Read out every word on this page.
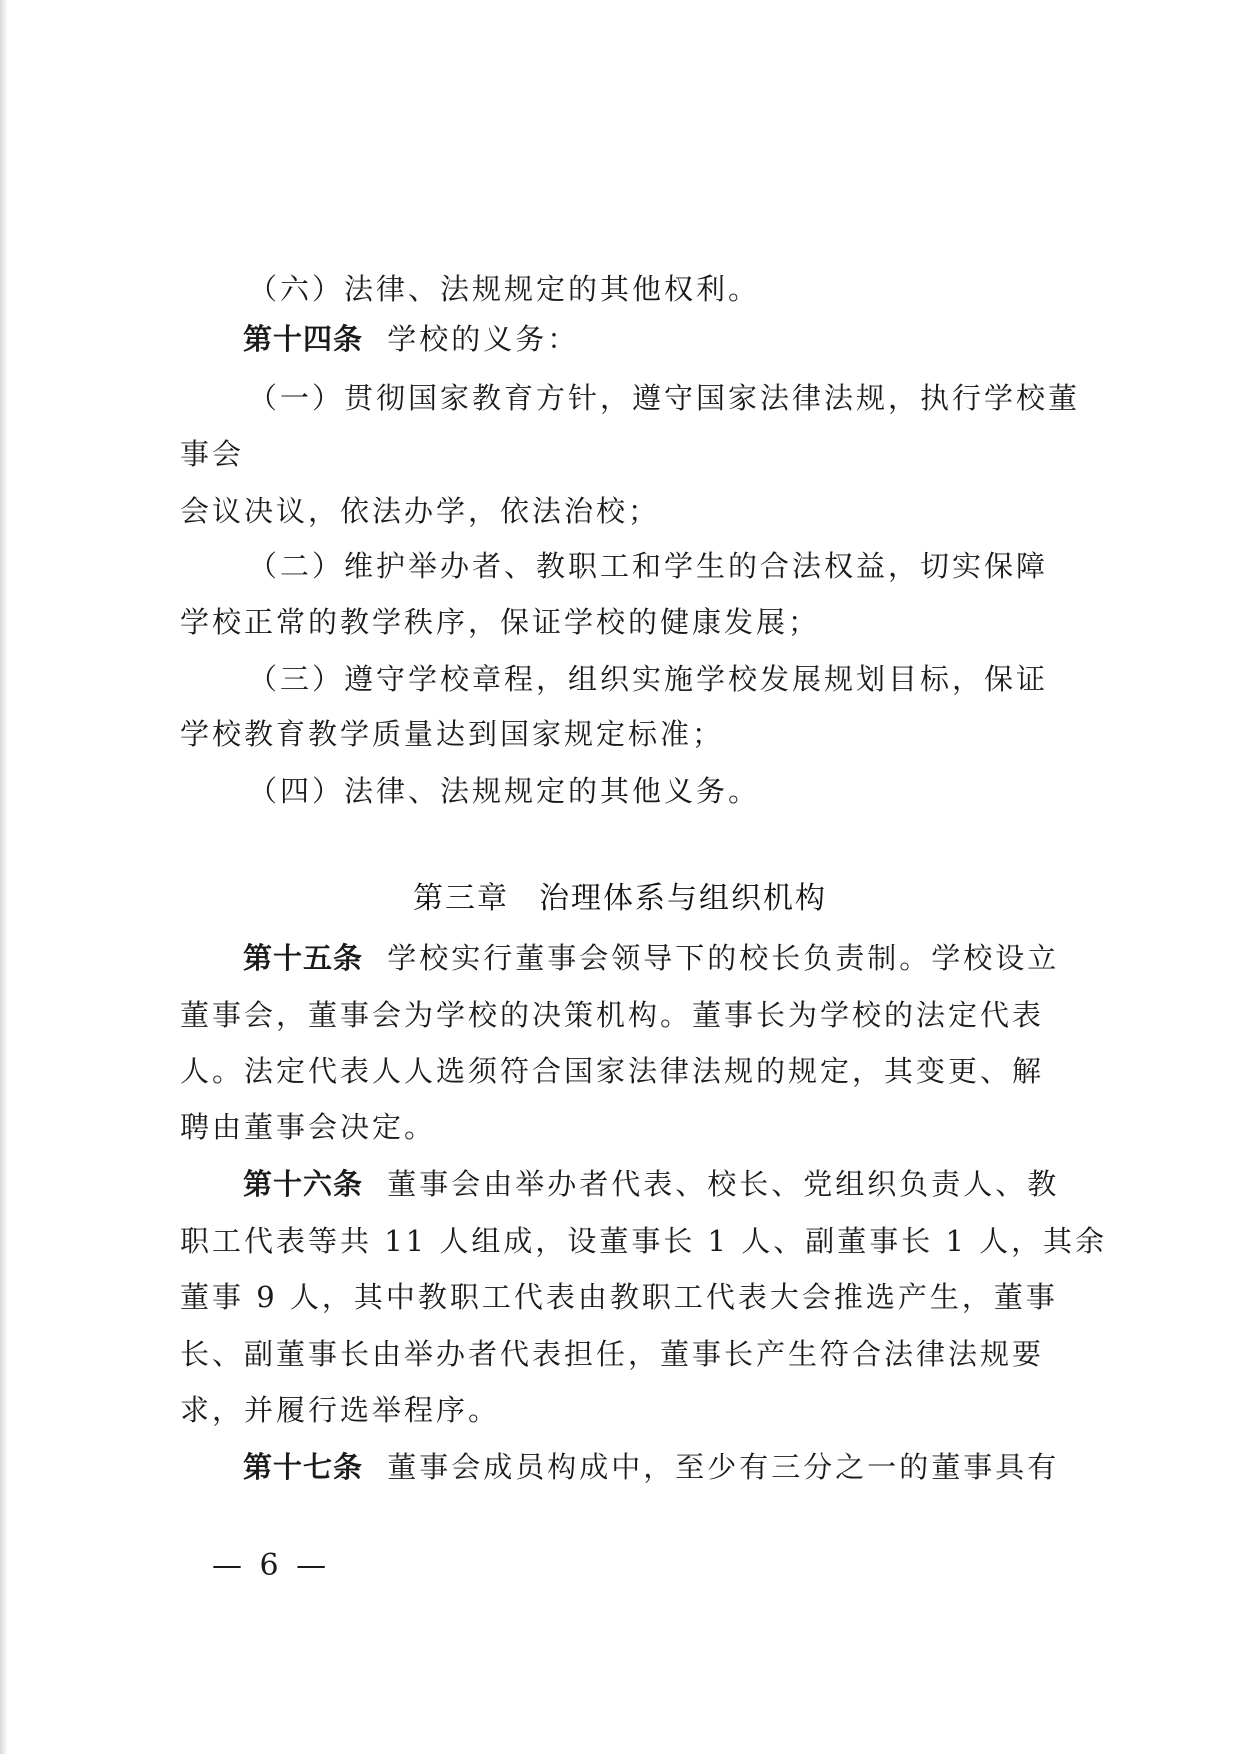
（六）法律、法规规定的其他权利。
第十四条 学校的义务：
（一）贯彻国家教育方针，遵守国家法律法规，执行学校董
事会
会议决议，依法办学，依法治校；
（二）维护举办者、教职工和学生的合法权益，切实保障
学校正常的教学秩序，保证学校的健康发展；
（三）遵守学校章程，组织实施学校发展规划目标，保证
学校教育教学质量达到国家规定标准；
（四）法律、法规规定的其他义务。
第三章 治理体系与组织机构
第十五条 学校实行董事会领导下的校长负责制。学校设立
董事会，董事会为学校的决策机构。董事长为学校的法定代表
人。法定代表人人选须符合国家法律法规的规定，其变更、解
聘由董事会决定。
第十六条 董事会由举办者代表、校长、党组织负责人、教
职工代表等共 11 人组成，设董事长 1 人、副董事长 1 人，其余
董事 9 人，其中教职工代表由教职工代表大会推选产生，董事
长、副董事长由举办者代表担任，董事长产生符合法律法规要
求，并履行选举程序。
第十七条 董事会成员构成中，至少有三分之一的董事具有
— 6 —
